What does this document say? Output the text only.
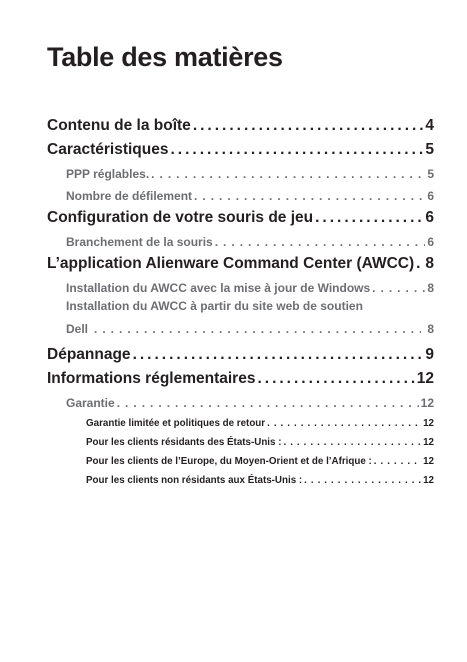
Table des matières
Contenu de la boîte .....	4
Caractéristiques .....	5
PPP réglables. .....	5
Nombre de défilement .....	6
Configuration de votre souris de jeu .....	6
Branchement de la souris .....	6
L’application Alienware Command Center (AWCC) ..... 8
Installation du AWCC avec la mise à jour de Windows .....	8
Installation du AWCC à partir du site web de soutien
Dell .....	8
Dépannage .....	9
Informations réglementaires .....	12
Garantie .....	12
Garantie limitée et politiques de retour .....	12
Pour les clients résidants des États-Unis : .....	12
Pour les clients de l’Europe, du Moyen-Orient et de l’Afrique : .....	12
Pour les clients non résidants aux États-Unis : .....	12
